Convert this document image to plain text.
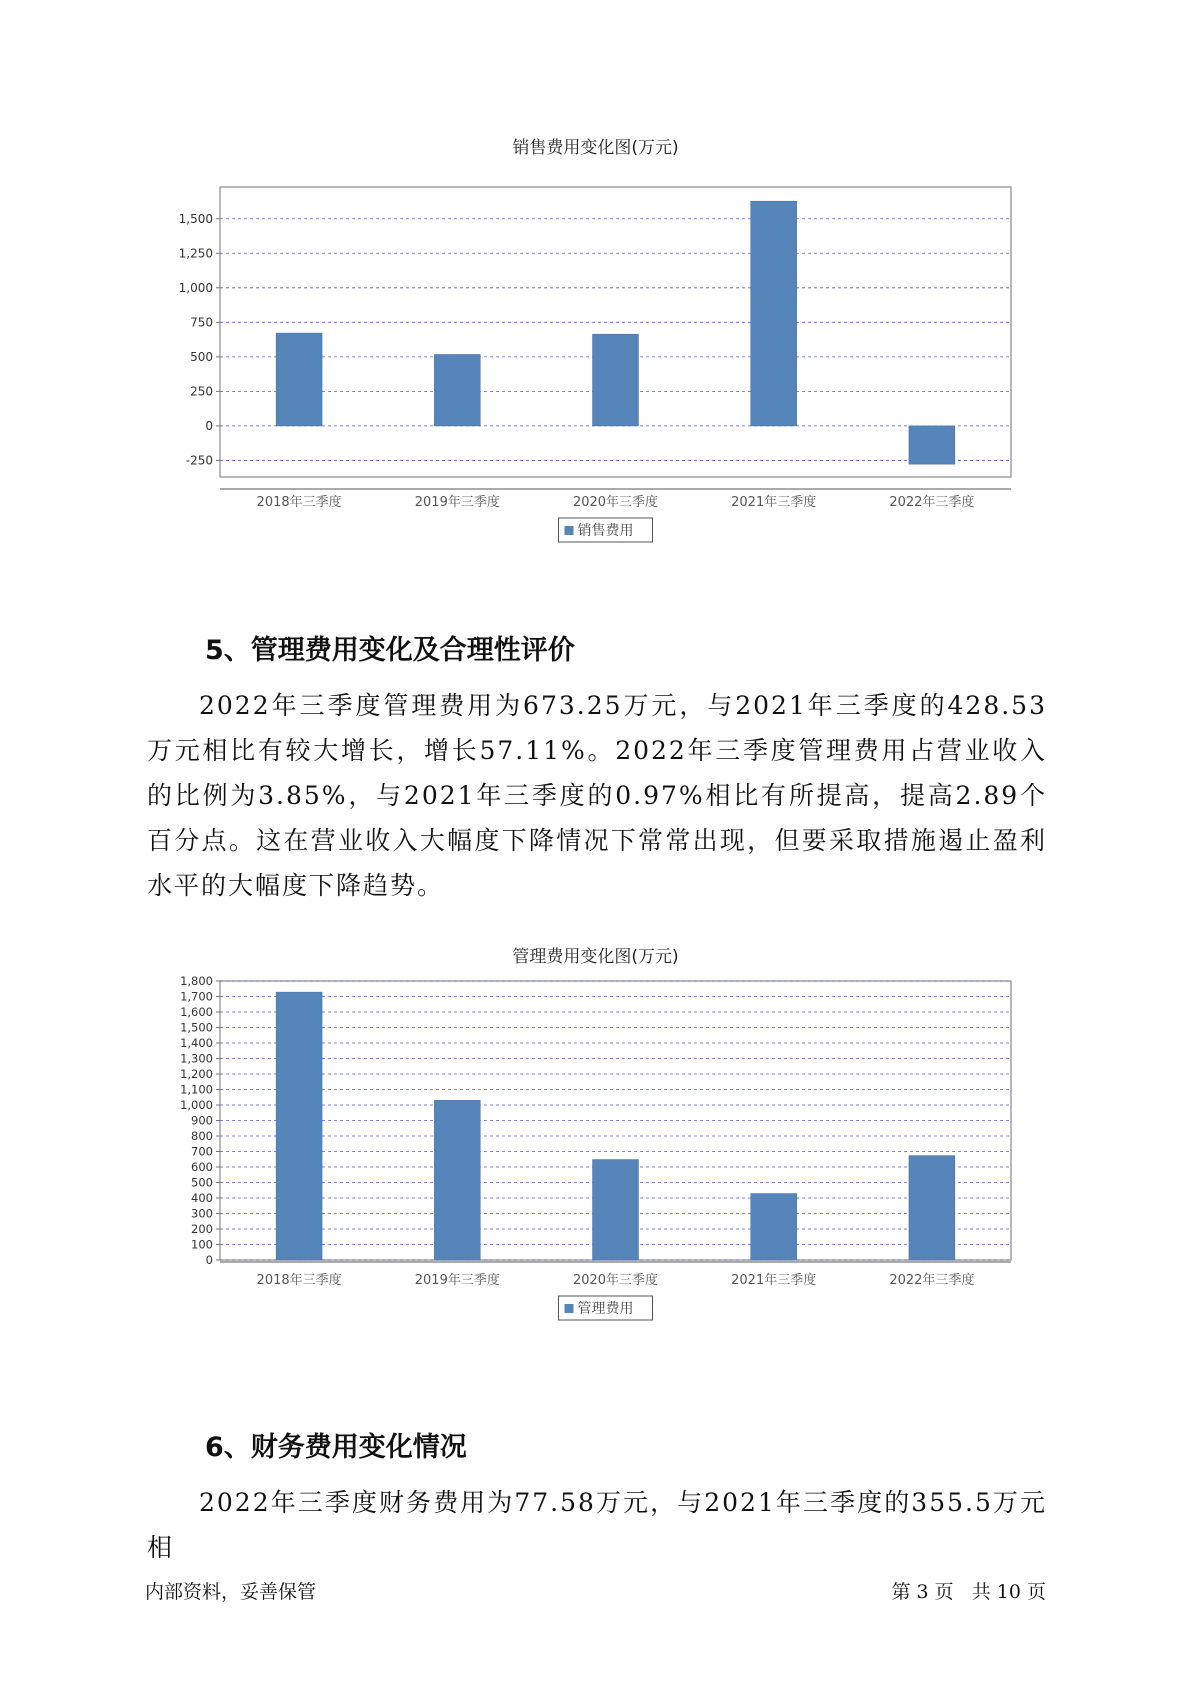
销售费用变化图(万元)
-250
0
250
500
750
1,000
1,250
1,500
2018年三季度	2019年三季度	2020年三季度	2021年三季度	2022年三季度
销售费用
5、管理费用变化及合理性评价

2022年三季度管理费用为673.25万元，与2021年三季度的428.53万元相比有较大增长，增长57.11%。2022年三季度管理费用占营业收入的比例为3.85%，与2021年三季度的0.97%相比有所提高，提高2.89个百分点。这在营业收入大幅度下降情况下常常出现，但要采取措施遏止盈利水平的大幅度下降趋势。

管理费用变化图(万元)
0
100
200
300
400
500
600
700
800
900
1,000
1,100
1,200
1,300
1,400
1,500
1,600
1,700
1,800
2018年三季度	2019年三季度	2020年三季度	2021年三季度	2022年三季度
管理费用
6、财务费用变化情况

2022年三季度财务费用为77.58万元，与2021年三季度的355.5万元相

内部资料，妥善保管	第 3 页   共 10 页
